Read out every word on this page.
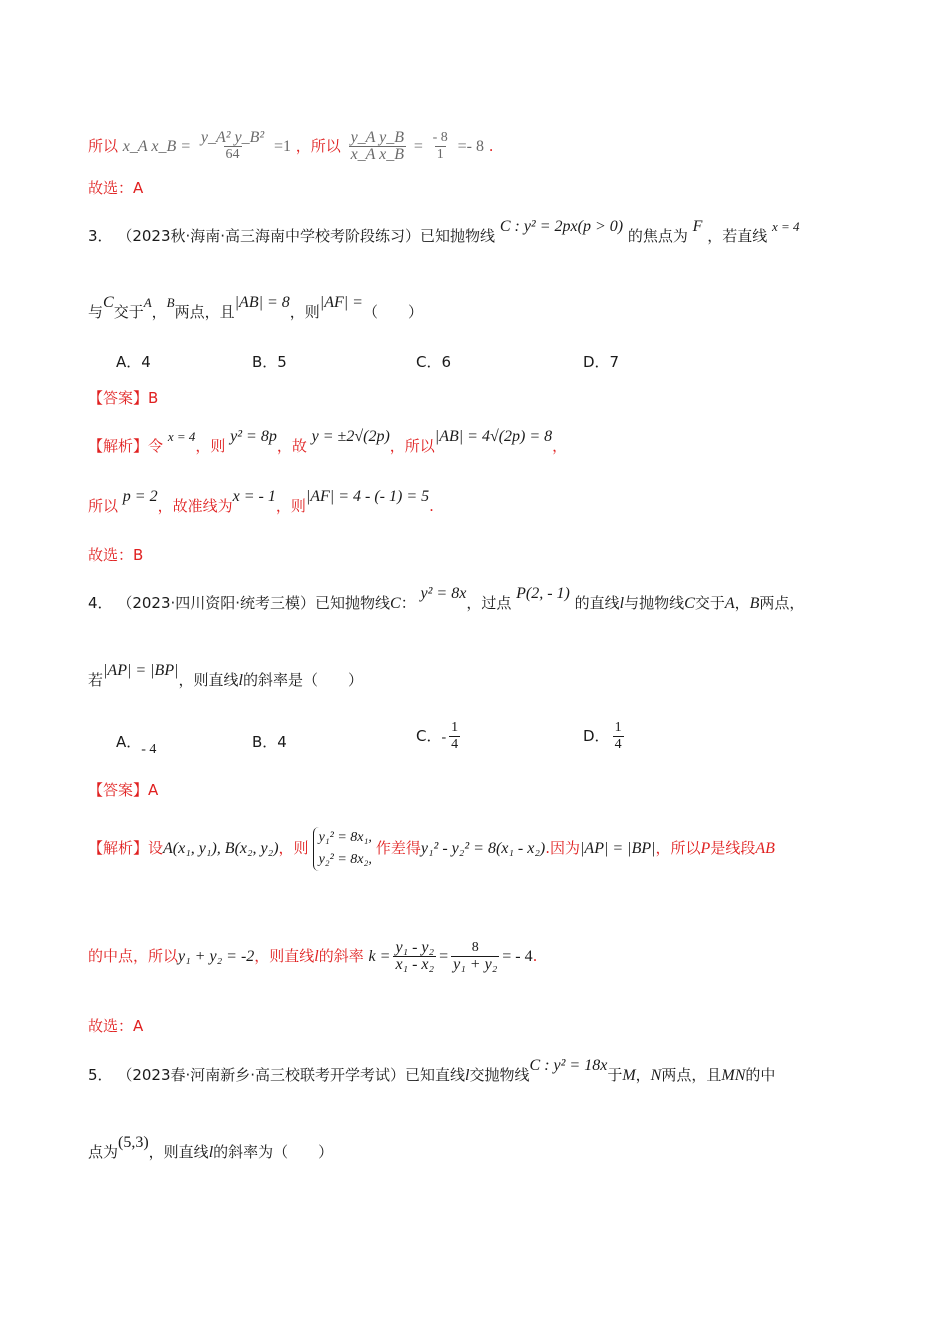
所以 x_A x_B = $\frac{\text{y\_A² y\_B²}}{64} =1$ ，所以 $\frac{\text{y\_A y\_B}}{\text{x\_A x\_B}} = \frac{- 8}{1} =- 8$ .
故选：A
3． （2023秋·海南·高三海南中学校考阶段练习）已知抛物线 C : y² = 2px(p > 0) 的焦点为 F ，若直线 x = 4
与C交于A，B两点，且|AB| = 8，则|AF| =（　　）
A．4	B．5	C．6	D．7
【答案】B
【解析】令 x = 4，则 y² = 8p，故 y = ±2√(2p)，所以|AB| = 4√(2p) = 8，
所以 p = 2，故准线为x = - 1，则|AF| = 4 - (- 1) = 5.
故选：B
4． （2023·四川资阳·统考三模）已知抛物线C： y² = 8x，过点 P(2, - 1) 的直线l与抛物线C交于A，B两点，
若|AP| = |BP|，则直线l的斜率是（　　）
A．- 4	B．4	C．- $\frac{1}{4}$	D． $\frac{1}{4}$
【答案】A
【解析】设A(x₁, y₁), B(x₂, y₂)，则
y₁² = 8x₁,
y₂² = 8x₂,
作差得y₁² - y₂² = 8(x₁ - x₂).因为|AP| = |BP|，所以P是线段AB
的中点，所以y₁ + y₂ = -2，则直线l的斜率 $k = \frac{\text{y₁ - y₂}}{\text{x₁ - x₂}} = \frac{8}{\text{y₁ + y₂}}$ = - 4.
故选：A
5． （2023春·河南新乡·高三校联考开学考试）已知直线l交抛物线C : y² = 18x于M，N两点，且MN的中
点为(5,3)，则直线l的斜率为（　　）
